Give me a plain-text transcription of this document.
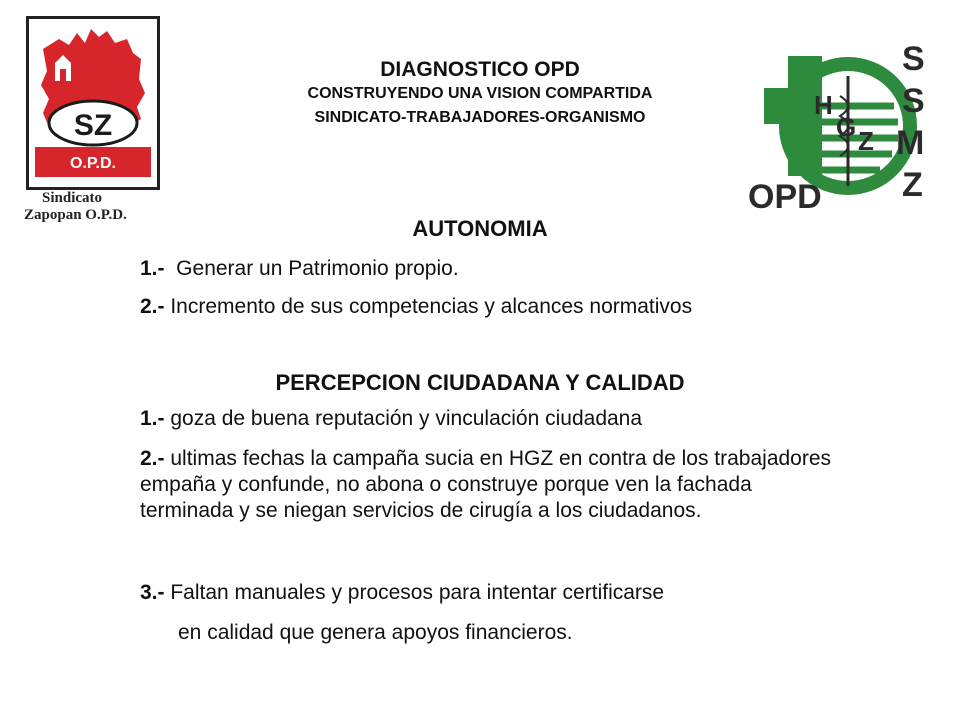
SZ
O.P.D.
Sindicato
Zapopan O.P.D.
DIAGNOSTICO OPD
CONSTRUYENDO UNA VISION COMPARTIDA
SINDICATO-TRABAJADORES-ORGANISMO	H
G Z
OPD
S
S
M
Z
AUTONOMIA
1.-  Generar un Patrimonio propio.
2.- Incremento de sus competencias y alcances normativos
PERCEPCION CIUDADANA Y CALIDAD
1.- goza de buena reputación y vinculación ciudadana
2.- ultimas fechas la campaña sucia en HGZ en contra de los trabajadores empaña y confunde, no abona o construye porque ven la fachada terminada y se niegan servicios de cirugía a los ciudadanos.
3.- Faltan manuales y procesos para intentar certificarse
en calidad que genera apoyos financieros.
